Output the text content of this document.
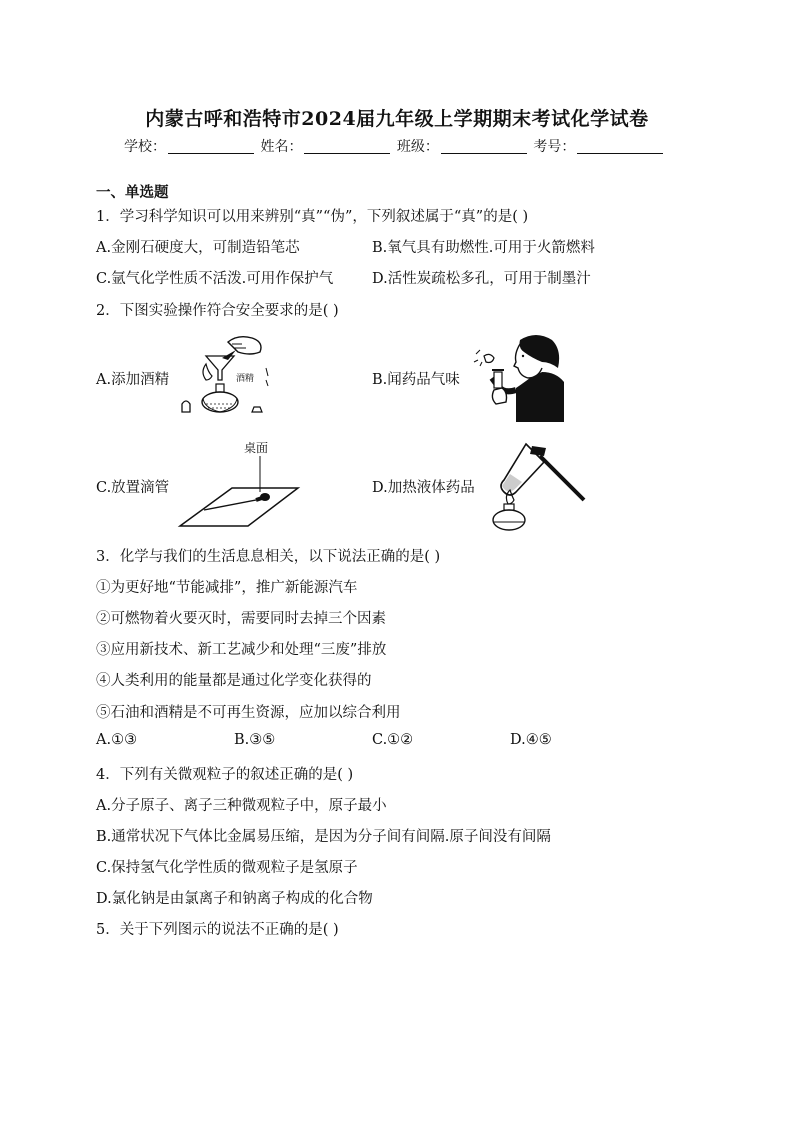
内蒙古呼和浩特市2024届九年级上学期期末考试化学试卷
学校：	姓名：	班级：	考号：
一、单选题
1．学习科学知识可以用来辨别“真”“伪”，下列叙述属于“真”的是( )
A.金刚石硬度大，可制造铅笔芯	B.氧气具有助燃性.可用于火箭燃料
C.氩气化学性质不活泼.可用作保护气	D.活性炭疏松多孔，可用于制墨汁
2．下图实验操作符合安全要求的是( )
A.添加酒精	B.闻药品气味
C.放置滴管	D.加热液体药品
酒精
桌面
3．化学与我们的生活息息相关，以下说法正确的是( )
①为更好地“节能减排”，推广新能源汽车
②可燃物着火要灭时，需要同时去掉三个因素
③应用新技术、新工艺减少和处理“三废”排放
④人类利用的能量都是通过化学变化获得的
⑤石油和酒精是不可再生资源，应加以综合利用
A.①③	B.③⑤	C.①②	D.④⑤
4．下列有关微观粒子的叙述正确的是( )
A.分子原子、离子三种微观粒子中，原子最小
B.通常状况下气体比金属易压缩，是因为分子间有间隔.原子间没有间隔
C.保持氢气化学性质的微观粒子是氢原子
D.氯化钠是由氯离子和钠离子构成的化合物
5．关于下列图示的说法不正确的是( )
